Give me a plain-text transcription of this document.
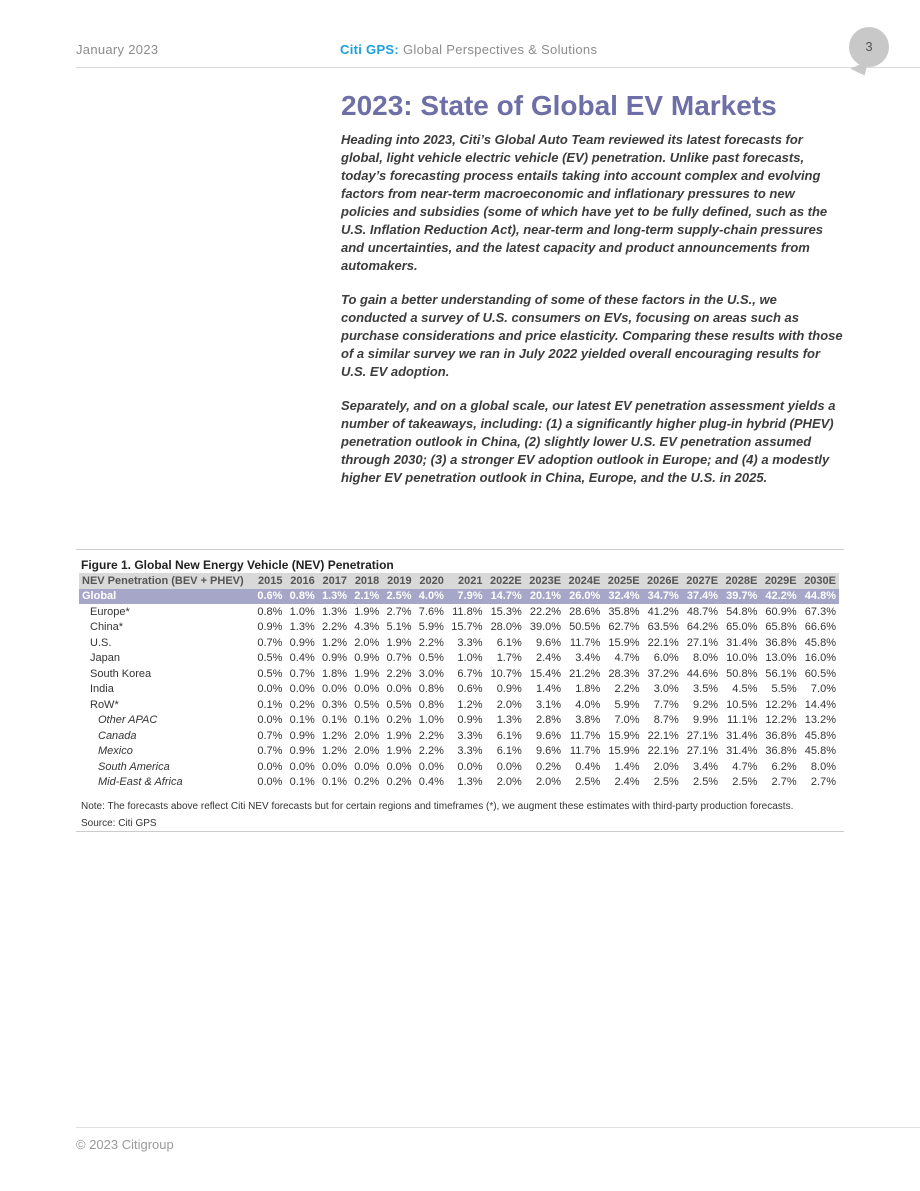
January 2023	Citi GPS: Global Perspectives & Solutions	3
2023: State of Global EV Markets

Heading into 2023, Citi’s Global Auto Team reviewed its latest forecasts for global, light vehicle electric vehicle (EV) penetration. Unlike past forecasts, today’s forecasting process entails taking into account complex and evolving factors from near-term macroeconomic and inflationary pressures to new policies and subsidies (some of which have yet to be fully defined, such as the U.S. Inflation Reduction Act), near-term and long-term supply-chain pressures and uncertainties, and the latest capacity and product announcements from automakers.

To gain a better understanding of some of these factors in the U.S., we conducted a survey of U.S. consumers on EVs, focusing on areas such as purchase considerations and price elasticity. Comparing these results with those of a similar survey we ran in July 2022 yielded overall encouraging results for U.S. EV adoption.

Separately, and on a global scale, our latest EV penetration assessment yields a number of takeaways, including: (1) a significantly higher plug-in hybrid (PHEV) penetration outlook in China, (2) slightly lower U.S. EV penetration assumed through 2030; (3) a stronger EV adoption outlook in Europe; and (4) a modestly higher EV penetration outlook in China, Europe, and the U.S. in 2025.

Figure 1. Global New Energy Vehicle (NEV) Penetration
NEV Penetration (BEV + PHEV)	2015	2016	2017	2018	2019	2020	2021	2022E	2023E	2024E	2025E	2026E	2027E	2028E	2029E	2030E
Global	0.6%	0.8%	1.3%	2.1%	2.5%	4.0%	7.9%	14.7%	20.1%	26.0%	32.4%	34.7%	37.4%	39.7%	42.2%	44.8%
Europe*	0.8%	1.0%	1.3%	1.9%	2.7%	7.6%	11.8%	15.3%	22.2%	28.6%	35.8%	41.2%	48.7%	54.8%	60.9%	67.3%
China*	0.9%	1.3%	2.2%	4.3%	5.1%	5.9%	15.7%	28.0%	39.0%	50.5%	62.7%	63.5%	64.2%	65.0%	65.8%	66.6%
U.S.	0.7%	0.9%	1.2%	2.0%	1.9%	2.2%	3.3%	6.1%	9.6%	11.7%	15.9%	22.1%	27.1%	31.4%	36.8%	45.8%
Japan	0.5%	0.4%	0.9%	0.9%	0.7%	0.5%	1.0%	1.7%	2.4%	3.4%	4.7%	6.0%	8.0%	10.0%	13.0%	16.0%
South Korea	0.5%	0.7%	1.8%	1.9%	2.2%	3.0%	6.7%	10.7%	15.4%	21.2%	28.3%	37.2%	44.6%	50.8%	56.1%	60.5%
India	0.0%	0.0%	0.0%	0.0%	0.0%	0.8%	0.6%	0.9%	1.4%	1.8%	2.2%	3.0%	3.5%	4.5%	5.5%	7.0%
RoW*	0.1%	0.2%	0.3%	0.5%	0.5%	0.8%	1.2%	2.0%	3.1%	4.0%	5.9%	7.7%	9.2%	10.5%	12.2%	14.4%
Other APAC	0.0%	0.1%	0.1%	0.1%	0.2%	1.0%	0.9%	1.3%	2.8%	3.8%	7.0%	8.7%	9.9%	11.1%	12.2%	13.2%
Canada	0.7%	0.9%	1.2%	2.0%	1.9%	2.2%	3.3%	6.1%	9.6%	11.7%	15.9%	22.1%	27.1%	31.4%	36.8%	45.8%
Mexico	0.7%	0.9%	1.2%	2.0%	1.9%	2.2%	3.3%	6.1%	9.6%	11.7%	15.9%	22.1%	27.1%	31.4%	36.8%	45.8%
South America	0.0%	0.0%	0.0%	0.0%	0.0%	0.0%	0.0%	0.0%	0.2%	0.4%	1.4%	2.0%	3.4%	4.7%	6.2%	8.0%
Mid-East & Africa	0.0%	0.1%	0.1%	0.2%	0.2%	0.4%	1.3%	2.0%	2.0%	2.5%	2.4%	2.5%	2.5%	2.5%	2.7%	2.7%
Note: The forecasts above reflect Citi NEV forecasts but for certain regions and timeframes (*), we augment these estimates with third-party production forecasts.
Source: Citi GPS
© 2023 Citigroup
